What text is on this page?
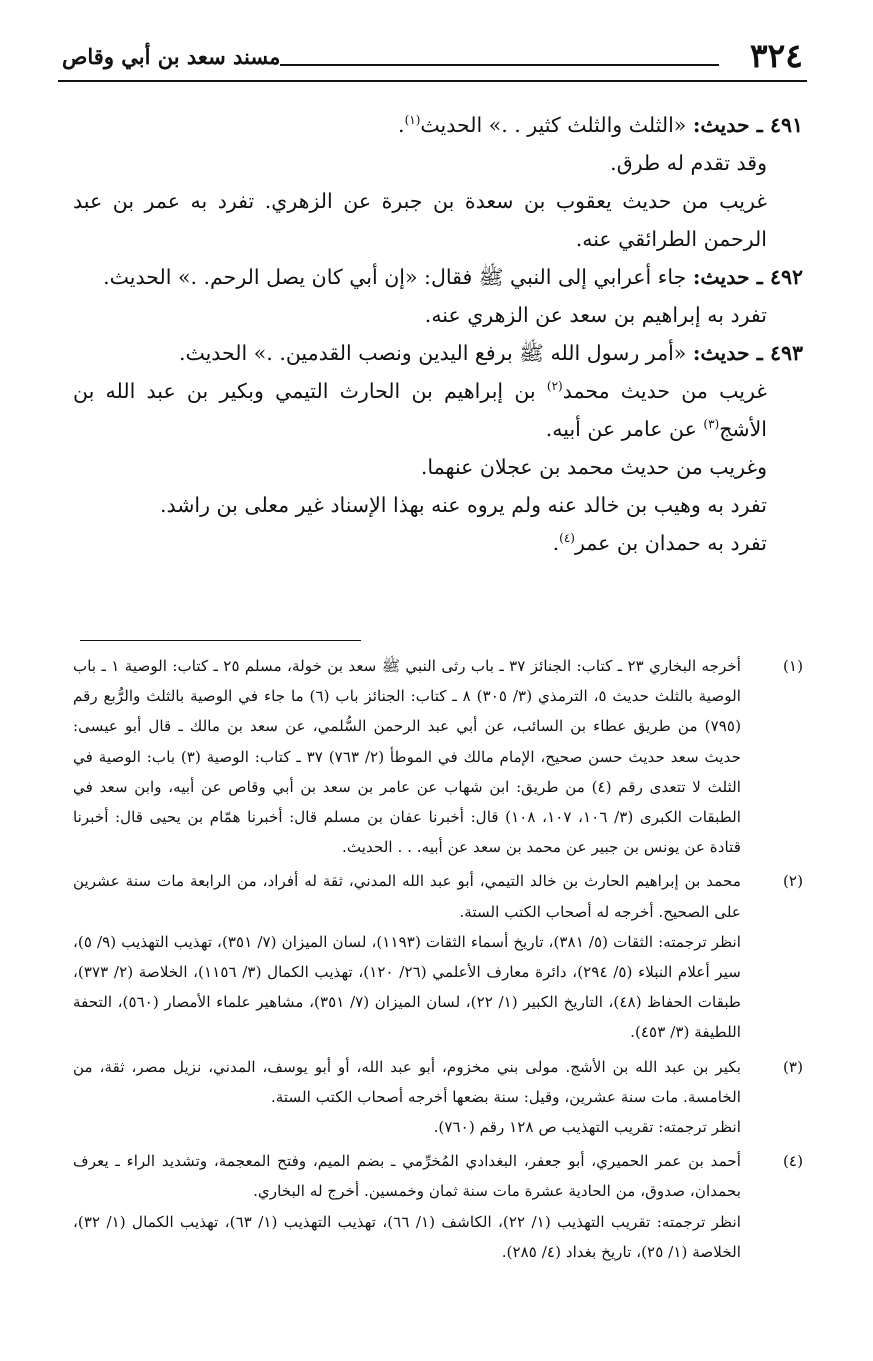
٣٢٤
مسند سعد بن أبي وقاص

٤٩١ ـ حديث: «الثلث والثلث كثير . .» الحديث$^{(١)}$.

وقد تقدم له طرق.

غريب من حديث يعقوب بن سعدة بن جبرة عن الزهري. تفرد به عمر بن عبد الرحمن الطرائقي عنه.

٤٩٢ ـ حديث: جاء أعرابي إلى النبي ﷺ فقال: «إن أبي كان يصل الرحم. .» الحديث.

تفرد به إبراهيم بن سعد عن الزهري عنه.

٤٩٣ ـ حديث: «أمر رسول الله ﷺ برفع اليدين ونصب القدمين. .» الحديث.

غريب من حديث محمد$^{(٢)}$ بن إبراهيم بن الحارث التيمي وبكير بن عبد الله بن الأشج$^{(٣)}$ عن عامر عن أبيه.

وغريب من حديث محمد بن عجلان عنهما.

تفرد به وهيب بن خالد عنه ولم يروه عنه بهذا الإسناد غير معلى بن راشد.

تفرد به حمدان بن عمر$^{(٤)}$.

(١)

أخرجه البخاري ٢٣ ـ كتاب: الجنائز ٣٧ ـ باب رثى النبي ﷺ سعد بن خولة، مسلم ٢٥ ـ كتاب: الوصية ١ ـ باب الوصية بالثلث حديث ٥، الترمذي (٣/ ٣٠٥) ٨ ـ كتاب: الجنائز باب (٦) ما جاء في الوصية بالثلث والرُّبع رقم (٧٩٥) من طريق عطاء بن السائب، عن أبي عبد الرحمن السُّلمي، عن سعد بن مالك ـ قال أبو عيسى: حديث سعد حديث حسن صحيح، الإمام مالك في الموطأ (٢/ ٧٦٣) ٣٧ ـ كتاب: الوصية (٣) باب: الوصية في الثلث لا تتعدى رقم (٤) من طريق: ابن شهاب عن عامر بن سعد بن أبي وقاص عن أبيه، وابن سعد في الطبقات الكبرى (٣/ ١٠٦، ١٠٧، ١٠٨) قال: أخبرنا عفان بن مسلم قال: أخبرنا همّام بن يحيى قال: أخبرنا قتادة عن يونس بن جبير عن محمد بن سعد عن أبيه. . . الحديث.

(٢)

محمد بن إبراهيم الحارث بن خالد التيمي، أبو عبد الله المدني، ثقة له أفراد، من الرابعة مات سنة عشرين على الصحيح. أخرجه له أصحاب الكتب الستة.

انظر ترجمته: الثقات (٥/ ٣٨١)، تاريخ أسماء الثقات (١١٩٣)، لسان الميزان (٧/ ٣٥١)، تهذيب التهذيب (٩/ ٥)، سير أعلام النبلاء (٥/ ٢٩٤)، دائرة معارف الأعلمي (٢٦/ ١٢٠)، تهذيب الكمال (٣/ ١١٥٦)، الخلاصة (٢/ ٣٧٣)، طبقات الحفاظ (٤٨)، التاريخ الكبير (١/ ٢٢)، لسان الميزان (٧/ ٣٥١)، مشاهير علماء الأمصار (٥٦٠)، التحفة اللطيفة (٣/ ٤٥٣).

(٣)

بكير بن عبد الله بن الأشج. مولى بني مخزوم، أبو عبد الله، أو أبو يوسف، المدني، نزيل مصر، ثقة، من الخامسة. مات سنة عشرين، وقيل: سنة بضعها أخرجه أصحاب الكتب الستة.

انظر ترجمته: تقريب التهذيب ص ١٢٨ رقم (٧٦٠).

(٤)

أحمد بن عمر الحميري، أبو جعفر، البغدادي المُخرِّمي ـ بضم الميم، وفتح المعجمة، وتشديد الراء ـ يعرف بحمدان، صدوق، من الحادية عشرة مات سنة ثمان وخمسين. أخرج له البخاري.

انظر ترجمته: تقريب التهذيب (١/ ٢٢)، الكاشف (١/ ٦٦)، تهذيب التهذيب (١/ ٦٣)، تهذيب الكمال (١/ ٣٢)، الخلاصة (١/ ٢٥)، تاريخ بغداد (٤/ ٢٨٥).
